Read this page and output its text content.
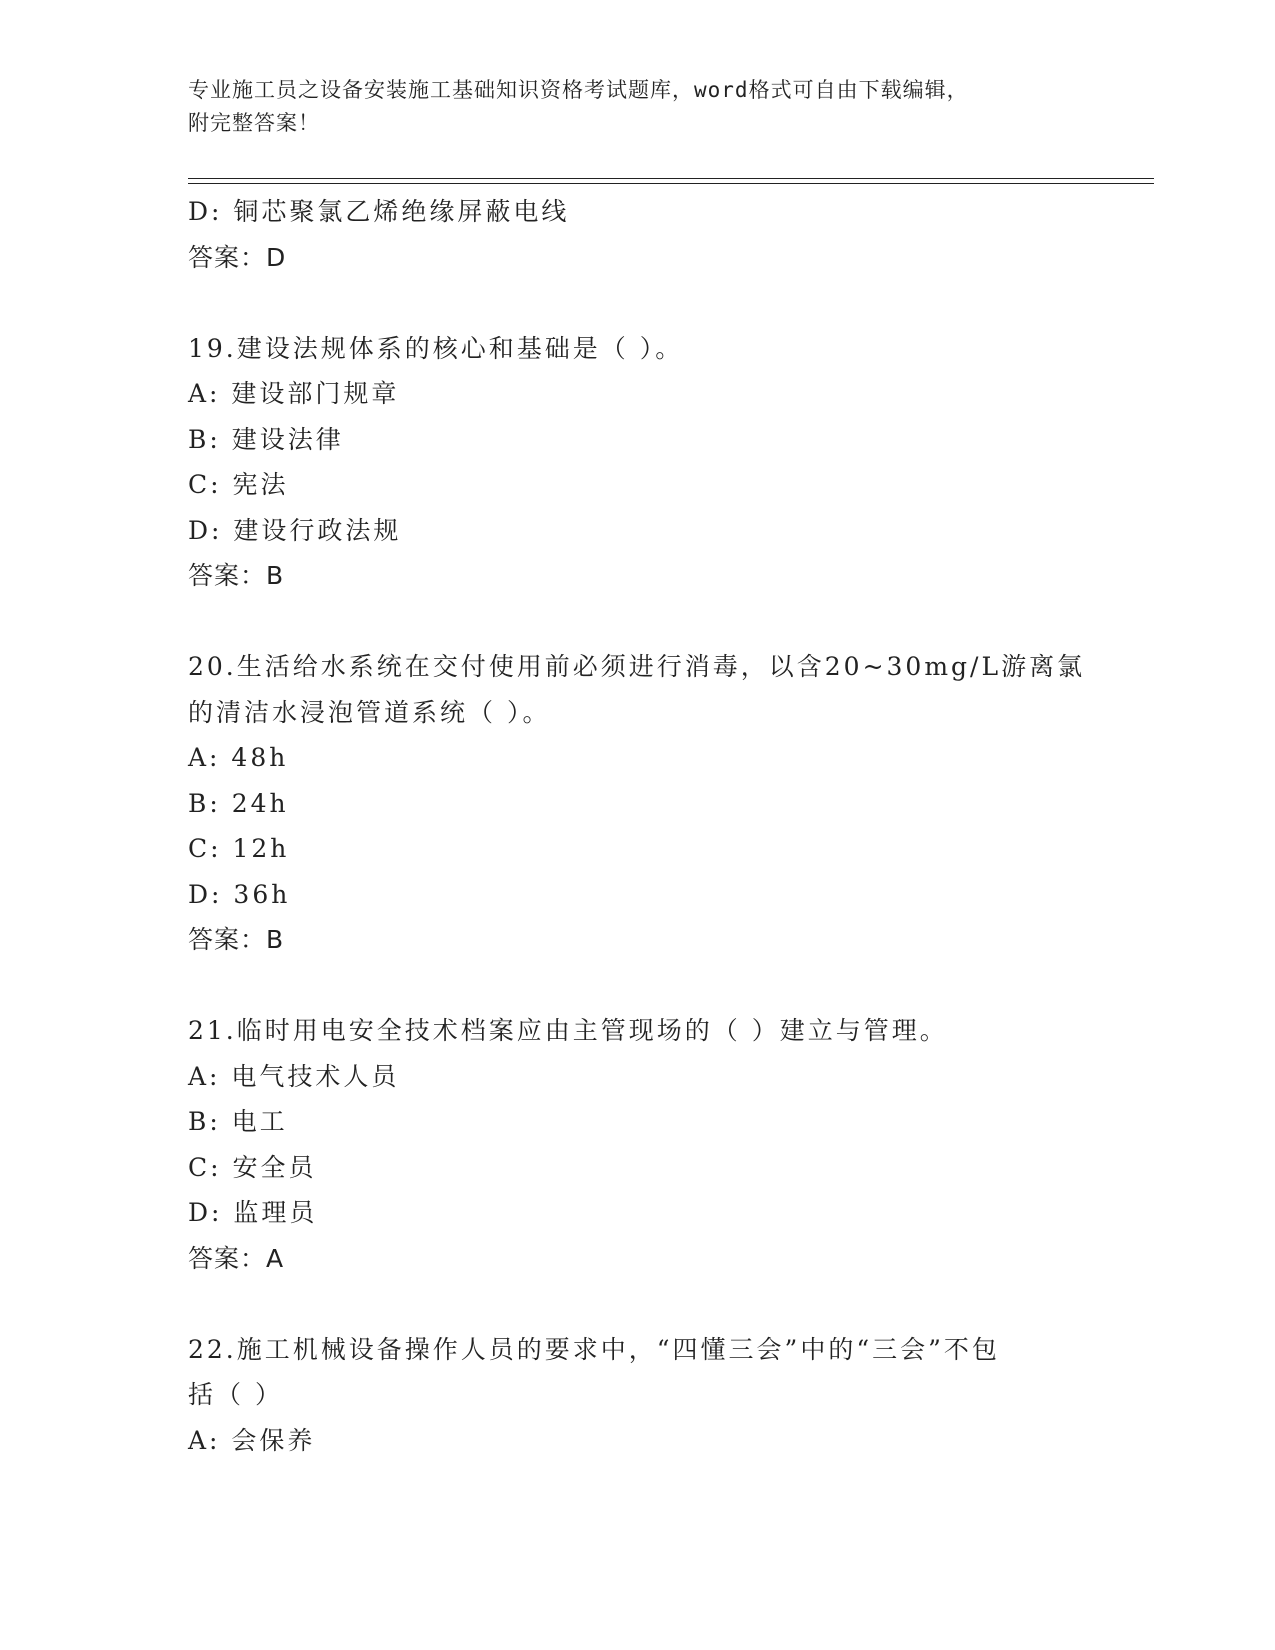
专业施工员之设备安装施工基础知识资格考试题库，word格式可自由下载编辑，
附完整答案！
D: 铜芯聚氯乙烯绝缘屏蔽电线
答案：D
19.建设法规体系的核心和基础是（ ）。
A: 建设部门规章
B: 建设法律
C: 宪法
D: 建设行政法规
答案：B
20.生活给水系统在交付使用前必须进行消毒，以含20~30mg/L游离氯
的清洁水浸泡管道系统（ ）。
A: 48h
B: 24h
C: 12h
D: 36h
答案：B
21.临时用电安全技术档案应由主管现场的（ ）建立与管理。
A: 电气技术人员
B: 电工
C: 安全员
D: 监理员
答案：A
22.施工机械设备操作人员的要求中，“四懂三会”中的“三会”不包
括（ ）
A: 会保养
